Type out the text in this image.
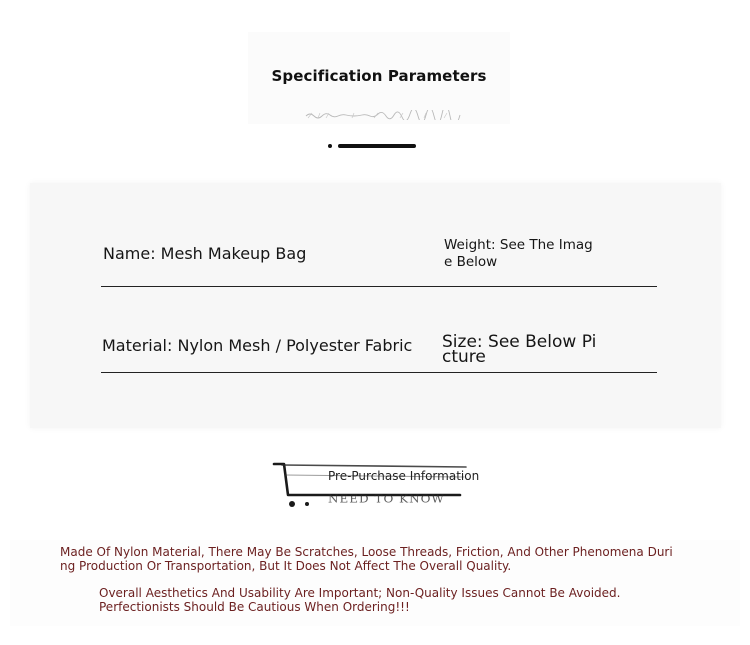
Specification Parameters
Name: Mesh Makeup Bag	Weight: See The Image Below
Material: Nylon Mesh / Polyester Fabric Size: See Below Picture
Pre-Purchase Information
NEED TO KNOW
Made Of Nylon Material, There May Be Scratches, Loose Threads, Friction, And Other Phenomena During Production Or Transportation, But It Does Not Affect The Overall Quality.
Overall Aesthetics And Usability Are Important; Non-Quality Issues Cannot Be Avoided. Perfectionists Should Be Cautious When Ordering!!!
